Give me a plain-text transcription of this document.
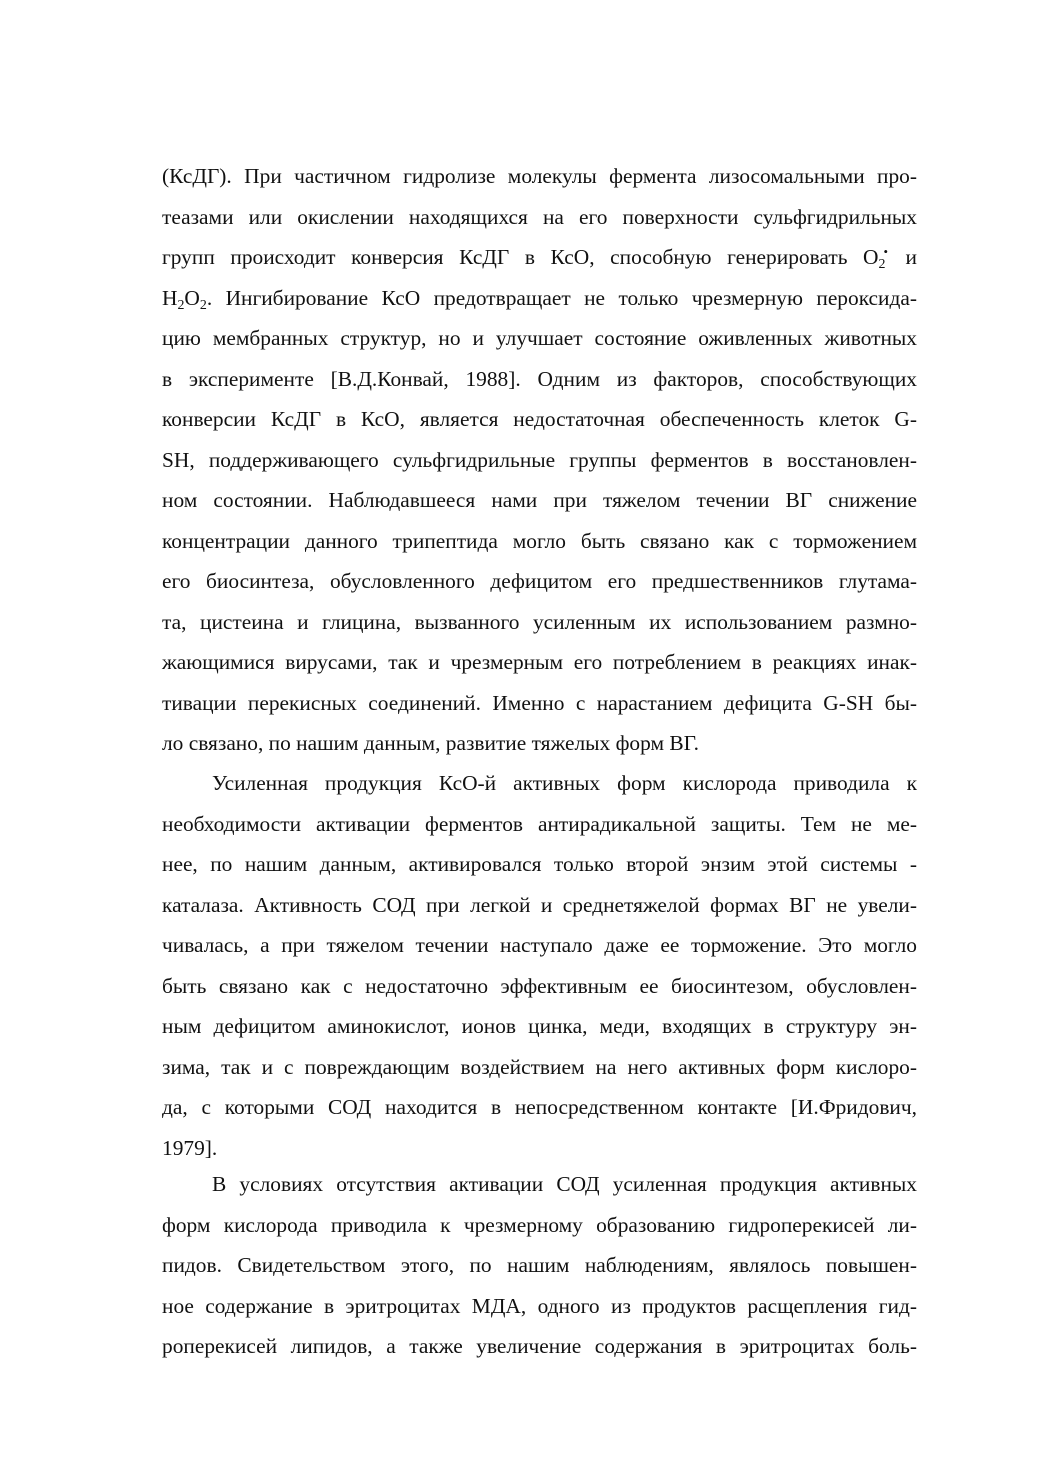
(КсДГ). При частичном гидролизе молекулы фермента лизосомальными про-
теазами или окислении находящихся на его поверхности сульфгидрильных
групп происходит конверсия КсДГ в КсО, способную генерировать $O_2^•$ и
$H_2O_2$. Ингибирование КсО предотвращает не только чрезмерную пероксида-
цию мембранных структур, но и улучшает состояние оживленных животных
в эксперименте [В.Д.Конвай, 1988]. Одним из факторов, способствующих
конверсии КсДГ в КсО, является недостаточная обеспеченность клеток G-
SH, поддерживающего сульфгидрильные группы ферментов в восстановлен-
ном состоянии. Наблюдавшееся нами при тяжелом течении ВГ снижение
концентрации данного трипептида могло быть связано как с торможением
его биосинтеза, обусловленного дефицитом его предшественников глутама-
та, цистеина и глицина, вызванного усиленным их использованием размно-
жающимися вирусами, так и чрезмерным его потреблением в реакциях инак-
тивации перекисных соединений. Именно с нарастанием дефицита G-SH бы-
ло связано, по нашим данным, развитие тяжелых форм ВГ.
Усиленная продукция КсО-й активных форм кислорода приводила к
необходимости активации ферментов антирадикальной защиты. Тем не ме-
нее, по нашим данным, активировался только второй энзим этой системы -
каталаза. Активность СОД при легкой и среднетяжелой формах ВГ не увели-
чивалась, а при тяжелом течении наступало даже ее торможение. Это могло
быть связано как с недостаточно эффективным ее биосинтезом, обусловлен-
ным дефицитом аминокислот, ионов цинка, меди, входящих в структуру эн-
зима, так и с повреждающим воздействием на него активных форм кислоро-
да, с которыми СОД находится в непосредственном контакте [И.Фридович,
1979].
В условиях отсутствия активации СОД усиленная продукция активных
форм кислорода приводила к чрезмерному образованию гидроперекисей ли-
пидов. Свидетельством этого, по нашим наблюдениям, являлось повышен-
ное содержание в эритроцитах МДА, одного из продуктов расщепления гид-
роперекисей липидов, а также увеличение содержания в эритроцитах боль-
